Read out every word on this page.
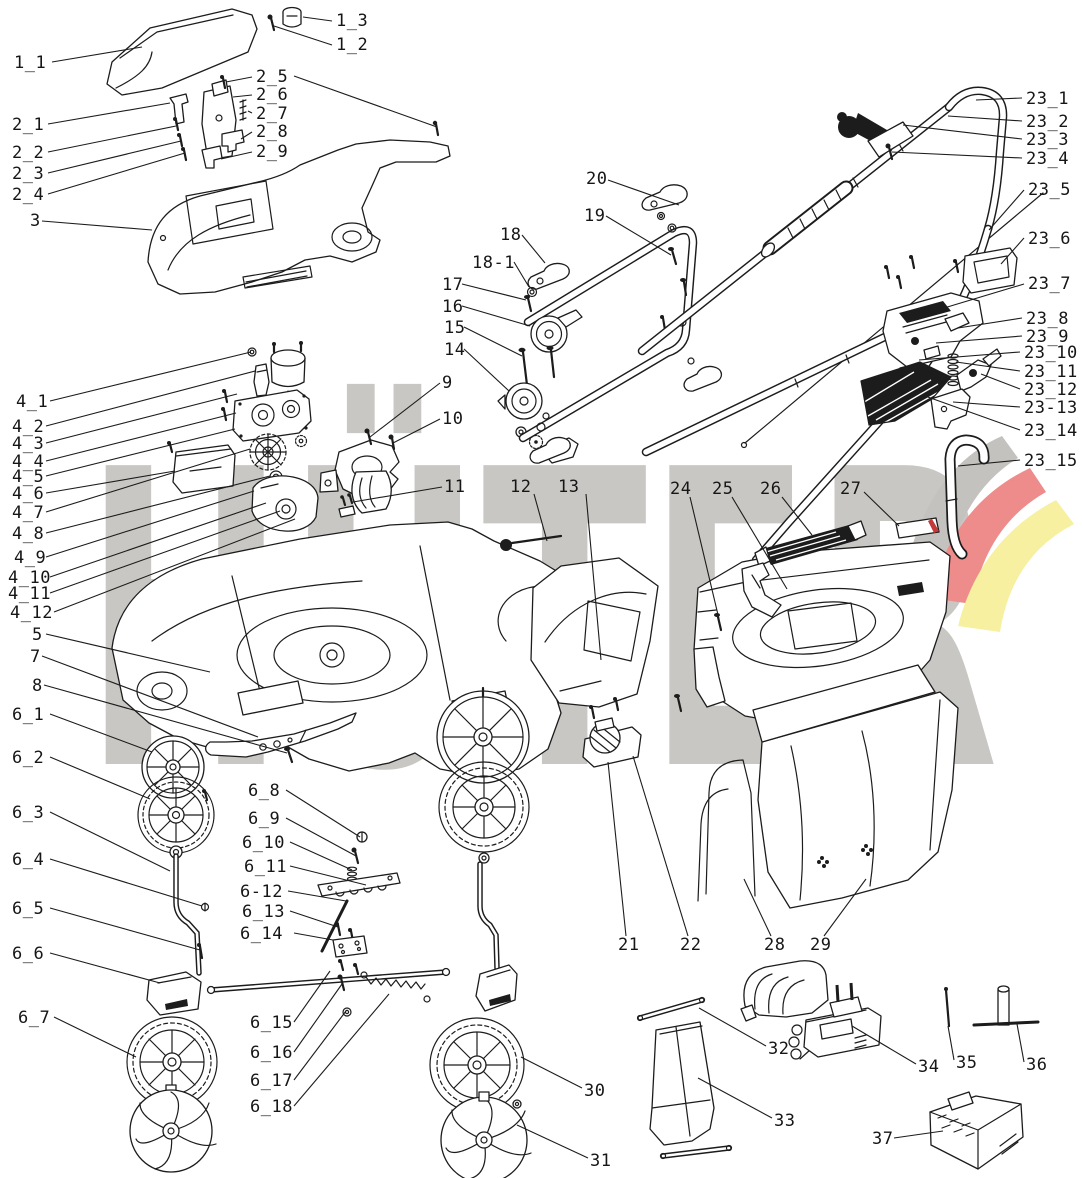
1_1
1_2
1_3
2_1
2_2
2_3
2_4
2_5
2_6
2_7
2_8
2_9
3
4_1
4_2
4_3
4_4
4_5
4_6
4_7
4_8
4_9
4_10
4_11
4_12
5
7
8
6_1
6_2
6_3
6_4
6_5
6_6
6_7
6_8
6_9
6_10
6_11
6-12
6_13
6_14
6_15
6_16
6_17
6_18
9
10
11	12 13
14
15
16
17
18
18-1
19
20
21 22
23_1
23_2
23_3
23_4
23_5
23_6
23_7
23_8
23_9
23_10
23_11
23_12
23-13
23_14
23_15
24 25 26	27
28 29
30
31
32
33
34 35	36
37
